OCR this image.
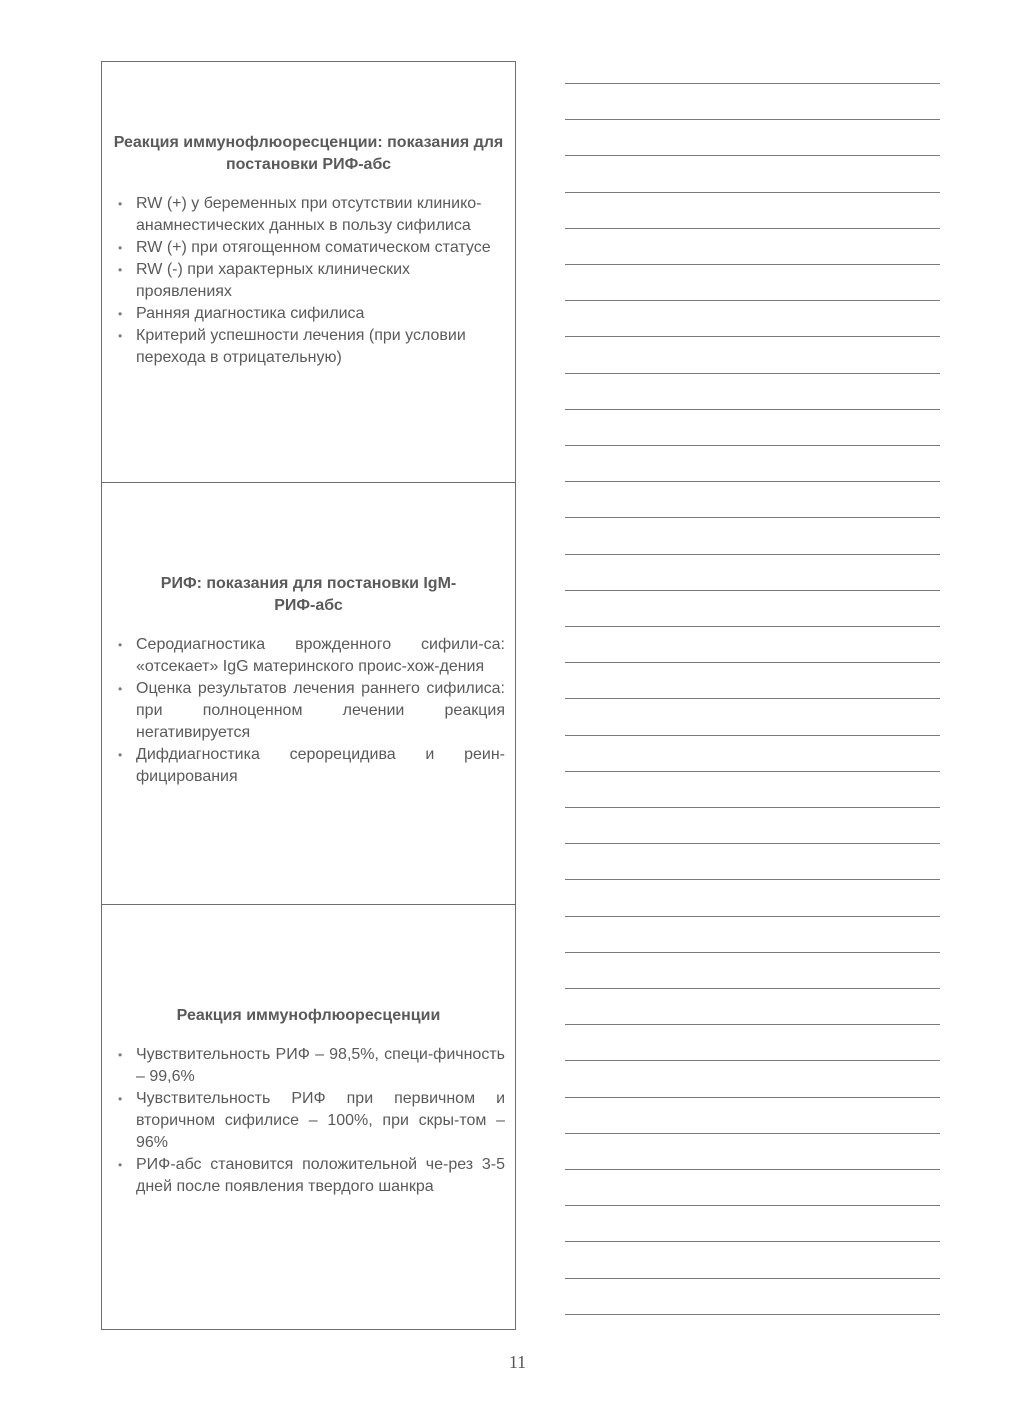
Реакция иммунофлюоресценции: показания для постановки РИФ-абс
• RW (+) у беременных при отсутствии клинико-анамнестических данных в пользу сифилиса
• RW (+) при отягощенном соматическом статусе
• RW (-) при характерных клинических проявлениях
• Ранняя диагностика сифилиса
• Критерий успешности лечения (при условии перехода в отрицательную)
РИФ: показания для постановки IgM-РИФ-абс
• Серодиагностика врожденного сифили-са: «отсекает» IgG материнского проис-хож-дения
• Оценка результатов лечения раннего сифилиса: при полноценном лечении реакция негативируется
• Дифдиагностика серорецидива и реин-фицирования
Реакция иммунофлюоресценции
• Чувствительность РИФ – 98,5%, специ-фичность – 99,6%
• Чувствительность РИФ при первичном и вторичном сифилисе – 100%, при скры-том – 96%
• РИФ-абс становится положительной че-рез 3-5 дней после появления твердого шанкра
11
